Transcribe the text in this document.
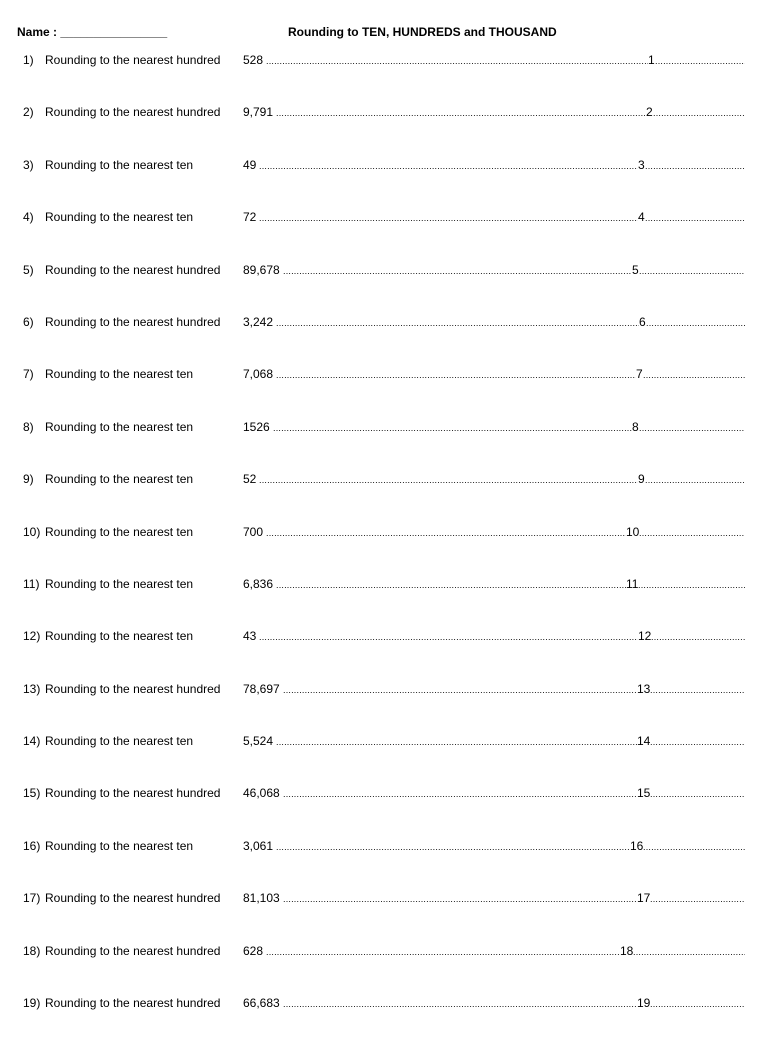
Name : ________________	Rounding to TEN, HUNDREDS and THOUSAND
1) Rounding to the nearest hundred 528 .....	1
.....
2) Rounding to the nearest hundred 9,791 .....	2
.....
3) Rounding to the nearest ten	49 .....	3
.....
4) Rounding to the nearest ten	72 .....	4
.....
5) Rounding to the nearest hundred 89,678 .....	5
.....
6) Rounding to the nearest hundred 3,242 .....	6
.....
7) Rounding to the nearest ten	7,068 .....	7
.....
8) Rounding to the nearest ten	1526 .....	8
.....
9) Rounding to the nearest ten	52 .....	9
.....
10) Rounding to the nearest ten	700 .....	10
.....
11) Rounding to the nearest ten	6,836 .....	11
.....
12) Rounding to the nearest ten	43 .....	12
.....
13) Rounding to the nearest hundred 78,697 .....	13
.....
14) Rounding to the nearest ten	5,524 .....	14
.....
15) Rounding to the nearest hundred 46,068 .....	15
.....
16) Rounding to the nearest ten	3,061 .....	16
.....
17) Rounding to the nearest hundred 81,103 .....	17
.....
18) Rounding to the nearest hundred 628 .....	18
.....
19) Rounding to the nearest hundred 66,683 .....	19
.....
